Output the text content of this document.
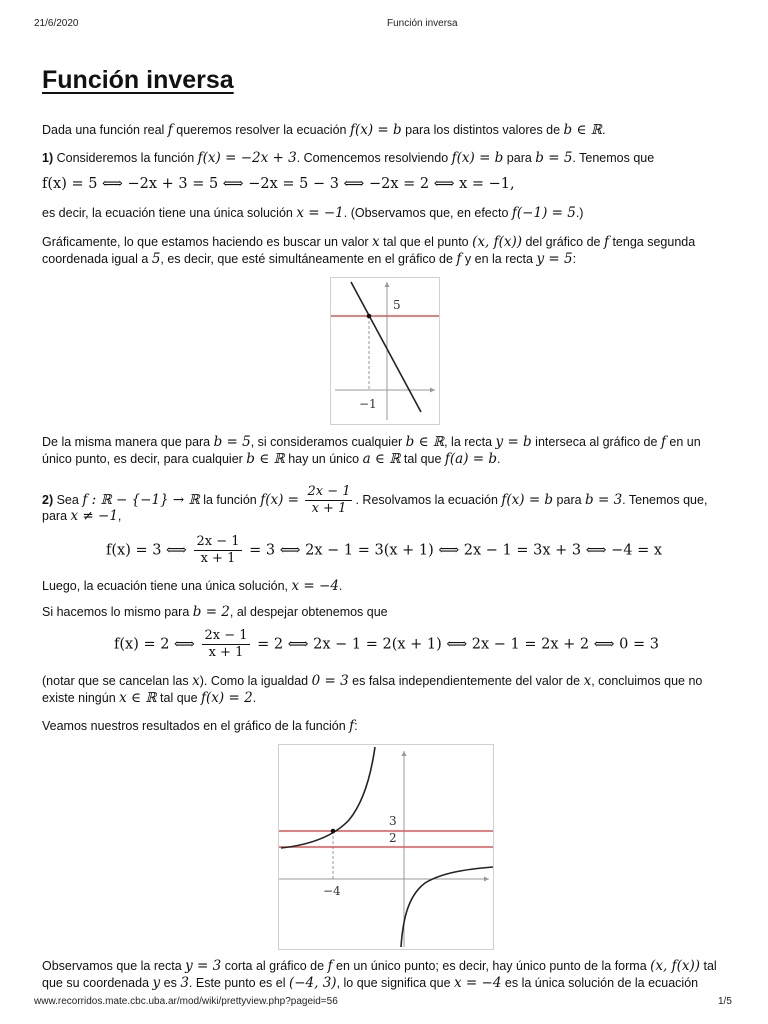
21/6/2020	Función inversa
Función inversa

Dada una función real f queremos resolver la ecuación f(x) = b para los distintos valores de b ∈ ℝ.

1) Consideremos la función f(x) = −2x + 3. Comencemos resolviendo f(x) = b para b = 5. Tenemos que

f(x) = 5 ⟺ −2x + 3 = 5 ⟺ −2x = 5 − 3 ⟺ −2x = 2 ⟺ x = −1,

es decir, la ecuación tiene una única solución x = −1. (Observamos que, en efecto f(−1) = 5.)

Gráficamente, lo que estamos haciendo es buscar un valor x tal que el punto (x, f(x)) del gráfico de f tenga segunda

coordenada igual a 5, es decir, que esté simultáneamente en el gráfico de f y en la recta y = 5:

5
−1

De la misma manera que para b = 5, si consideramos cualquier b ∈ ℝ, la recta y = b interseca al gráfico de f en un

único punto, es decir, para cualquier b ∈ ℝ hay un único a ∈ ℝ tal que f(a) = b.

2) Sea f : ℝ − {−1} → ℝ la función $f(x) = \frac{2x - 1}{x + 1}$ . Resolvamos la ecuación f(x) = b para b = 3. Tenemos que,

para x ≠ −1,

f(x) = 3 ⟺ $\frac{2x - 1}{x + 1} = 3$ ⟺ 2x − 1 = 3(x + 1) ⟺ 2x − 1 = 3x + 3 ⟺ −4 = x

Luego, la ecuación tiene una única solución, x = −4.

Si hacemos lo mismo para b = 2, al despejar obtenemos que

f(x) = 2 ⟺ $\frac{2x - 1}{x + 1} = 2$ ⟺ 2x − 1 = 2(x + 1) ⟺ 2x − 1 = 2x + 2 ⟺ 0 = 3

(notar que se cancelan las x). Como la igualdad 0 = 3 es falsa independientemente del valor de x, concluimos que no

existe ningún x ∈ ℝ tal que f(x) = 2.

Veamos nuestros resultados en el gráfico de la función f:

3
2
−4

Observamos que la recta y = 3 corta al gráfico de f en un único punto; es decir, hay único punto de la forma (x, f(x)) tal

que su coordenada y es 3. Este punto es el (−4, 3), lo que significa que x = −4 es la única solución de la ecuación

www.recorridos.mate.cbc.uba.ar/mod/wiki/prettyview.php?pageid=56	1/5
